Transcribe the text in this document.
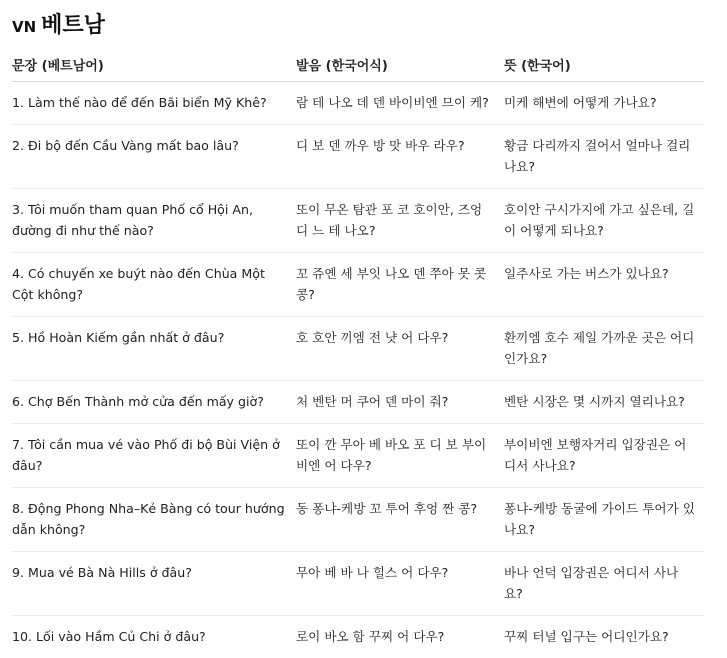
VN 베트남
문장 (베트남어)	발음 (한국어식)	뜻 (한국어)
1. Làm thế nào để đến Bãi biển Mỹ Khê?	람 테 나오 데 덴 바이비엔 므이 케?	미케 해변에 어떻게 가나요?
2. Đi bộ đến Cầu Vàng mất bao lâu?	디 보 덴 까우 방 맛 바우 라우?	황금 다리까지 걸어서 얼마나 걸리나요?
3. Tôi muốn tham quan Phố cổ Hội An, đường đi như thế nào?	또이 무온 탐관 포 코 호이안, 즈엉 디 느 테 나오?	호이안 구시가지에 가고 싶은데, 길이 어떻게 되나요?
4. Có chuyến xe buýt nào đến Chùa Một Cột không?	꼬 쥬옌 세 부잇 나오 덴 쭈아 못 콧 콩?	일주사로 가는 버스가 있나요?
5. Hồ Hoàn Kiếm gần nhất ở đâu?	호 호안 끼엠 전 냣 어 다우?	환끼엠 호수 제일 가까운 곳은 어디인가요?
6. Chợ Bến Thành mở cửa đến mấy giờ?	처 벤탄 머 쿠어 덴 마이 줘?	벤탄 시장은 몇 시까지 열리나요?
7. Tôi cần mua vé vào Phố đi bộ Bùi Viện ở đâu?	또이 깐 무아 베 바오 포 디 보 부이비엔 어 다우?	부이비엔 보행자거리 입장권은 어디서 사나요?
8. Động Phong Nha–Kẻ Bàng có tour hướng dẫn không?	동 퐁냐-케방 꼬 투어 후엉 짠 콩?	퐁냐-케방 동굴에 가이드 투어가 있나요?
9. Mua vé Bà Nà Hills ở đâu?	무아 베 바 나 힐스 어 다우?	바나 언덕 입장권은 어디서 사나요?
10. Lối vào Hầm Củ Chi ở đâu?	로이 바오 함 꾸찌 어 다우?	꾸찌 터널 입구는 어디인가요?
